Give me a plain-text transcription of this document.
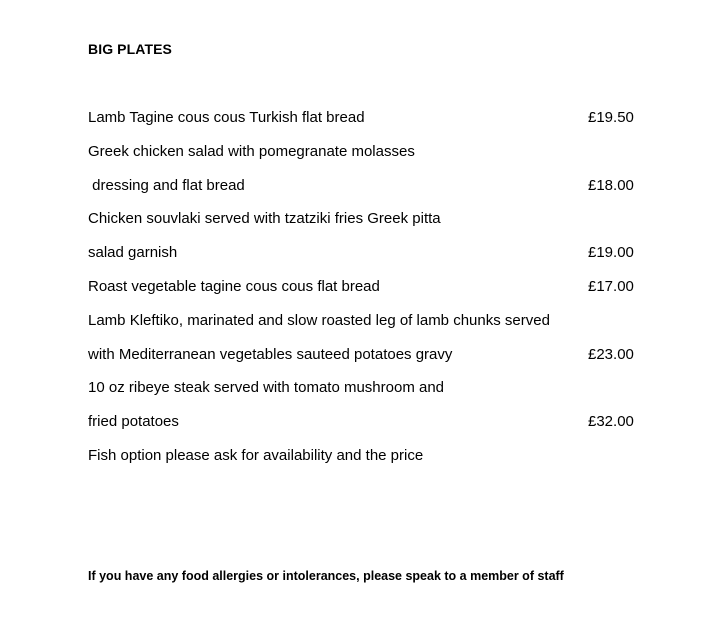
BIG PLATES
Lamb Tagine cous cous Turkish flat bread	£19.50
Greek chicken salad with pomegranate molasses
dressing and flat bread	£18.00
Chicken souvlaki served with tzatziki fries Greek pitta
salad garnish	£19.00
Roast vegetable tagine cous cous flat bread	£17.00
Lamb Kleftiko, marinated and slow roasted leg of lamb chunks served
with Mediterranean vegetables sauteed potatoes gravy	£23.00
10 oz ribeye steak served with tomato mushroom and
fried potatoes	£32.00
Fish option please ask for availability and the price
If you have any food allergies or intolerances, please speak to a member of staff
